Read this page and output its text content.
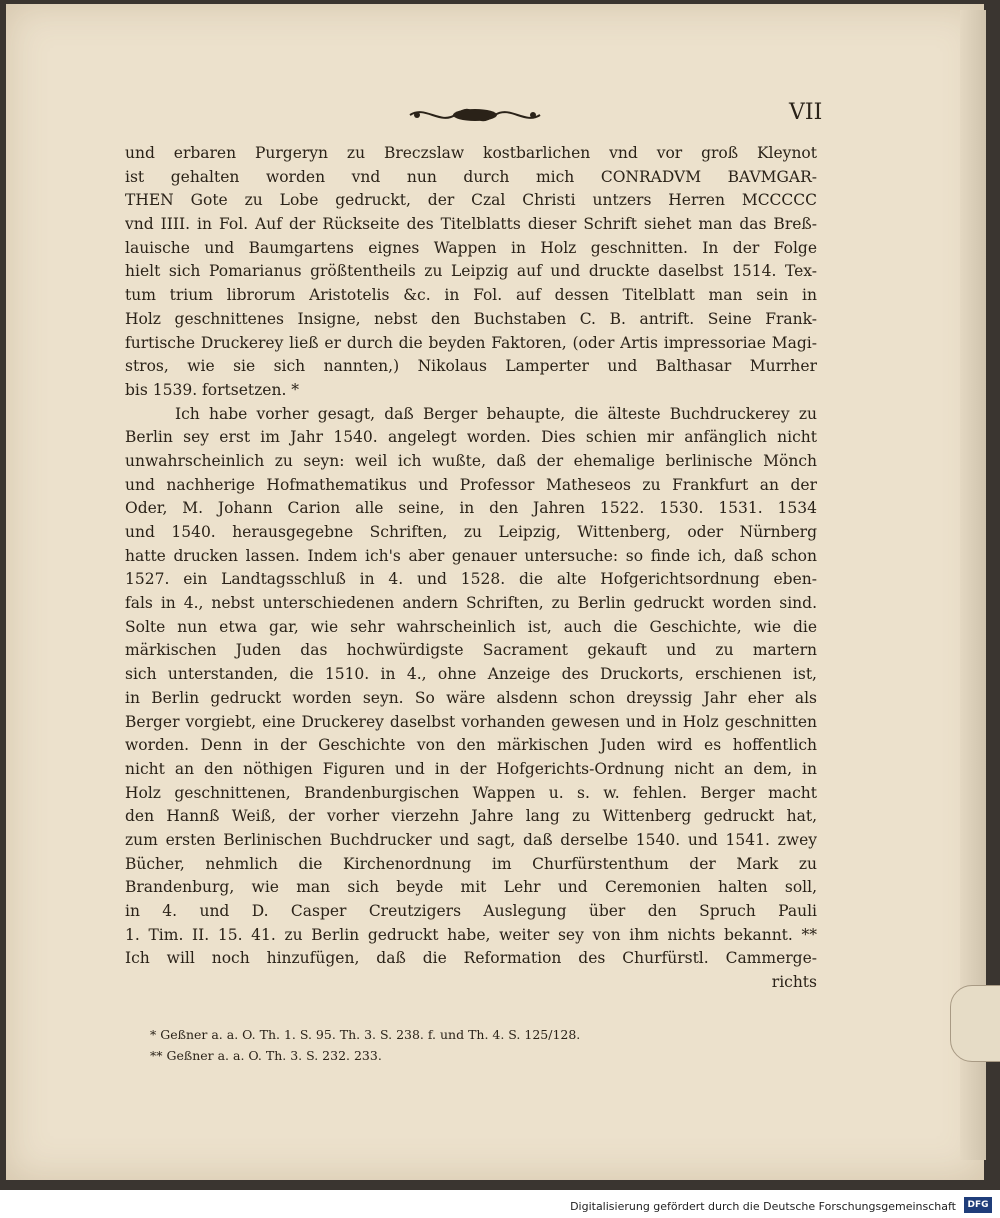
VII
und erbaren Purgeryn zu Breczslaw kostbarlichen vnd vor groß Kleynot
ist gehalten worden vnd nun durch mich CONRADVM BAVMGAR-
THEN Gote zu Lobe gedruckt, der Czal Christi untzers Herren MCCCCC
vnd IIII. in Fol. Auf der Rückseite des Titelblatts dieser Schrift siehet man das Breß-
lauische und Baumgartens eignes Wappen in Holz geschnitten. In der Folge
hielt sich Pomarianus größtentheils zu Leipzig auf und druckte daselbst 1514. Tex-
tum trium librorum Aristotelis &c. in Fol. auf dessen Titelblatt man sein in
Holz geschnittenes Insigne, nebst den Buchstaben C. B. antrift. Seine Frank-
furtische Druckerey ließ er durch die beyden Faktoren, (oder Artis impressoriae Magi-
stros, wie sie sich nannten,) Nikolaus Lamperter und Balthasar Murrher
bis 1539. fortsetzen. *
Ich habe vorher gesagt, daß Berger behaupte, die älteste Buchdruckerey zu
Berlin sey erst im Jahr 1540. angelegt worden. Dies schien mir anfänglich nicht
unwahrscheinlich zu seyn: weil ich wußte, daß der ehemalige berlinische Mönch
und nachherige Hofmathematikus und Professor Matheseos zu Frankfurt an der
Oder, M. Johann Carion alle seine, in den Jahren 1522. 1530. 1531. 1534
und 1540. herausgegebne Schriften, zu Leipzig, Wittenberg, oder Nürnberg
hatte drucken lassen. Indem ich's aber genauer untersuche: so finde ich, daß schon
1527. ein Landtagsschluß in 4. und 1528. die alte Hofgerichtsordnung eben-
fals in 4., nebst unterschiedenen andern Schriften, zu Berlin gedruckt worden sind.
Solte nun etwa gar, wie sehr wahrscheinlich ist, auch die Geschichte, wie die
märkischen Juden das hochwürdigste Sacrament gekauft und zu martern
sich unterstanden, die 1510. in 4., ohne Anzeige des Druckorts, erschienen ist,
in Berlin gedruckt worden seyn. So wäre alsdenn schon dreyssig Jahr eher als
Berger vorgiebt, eine Druckerey daselbst vorhanden gewesen und in Holz geschnitten
worden. Denn in der Geschichte von den märkischen Juden wird es hoffentlich
nicht an den nöthigen Figuren und in der Hofgerichts-Ordnung nicht an dem, in
Holz geschnittenen, Brandenburgischen Wappen u. s. w. fehlen. Berger macht
den Hannß Weiß, der vorher vierzehn Jahre lang zu Wittenberg gedruckt hat,
zum ersten Berlinischen Buchdrucker und sagt, daß derselbe 1540. und 1541. zwey
Bücher, nehmlich die Kirchenordnung im Churfürstenthum der Mark zu
Brandenburg, wie man sich beyde mit Lehr und Ceremonien halten soll,
in 4. und D. Casper Creutzigers Auslegung über den Spruch Pauli
1. Tim. II. 15. 41. zu Berlin gedruckt habe, weiter sey von ihm nichts bekannt. **
Ich will noch hinzufügen, daß die Reformation des Churfürstl. Cammerge-
richts
* Geßner a. a. O. Th. 1. S. 95. Th. 3. S. 238. f. und Th. 4. S. 125/128.
** Geßner a. a. O. Th. 3. S. 232. 233.
Digitalisierung gefördert durch die Deutsche Forschungsgemeinschaft	DFG
